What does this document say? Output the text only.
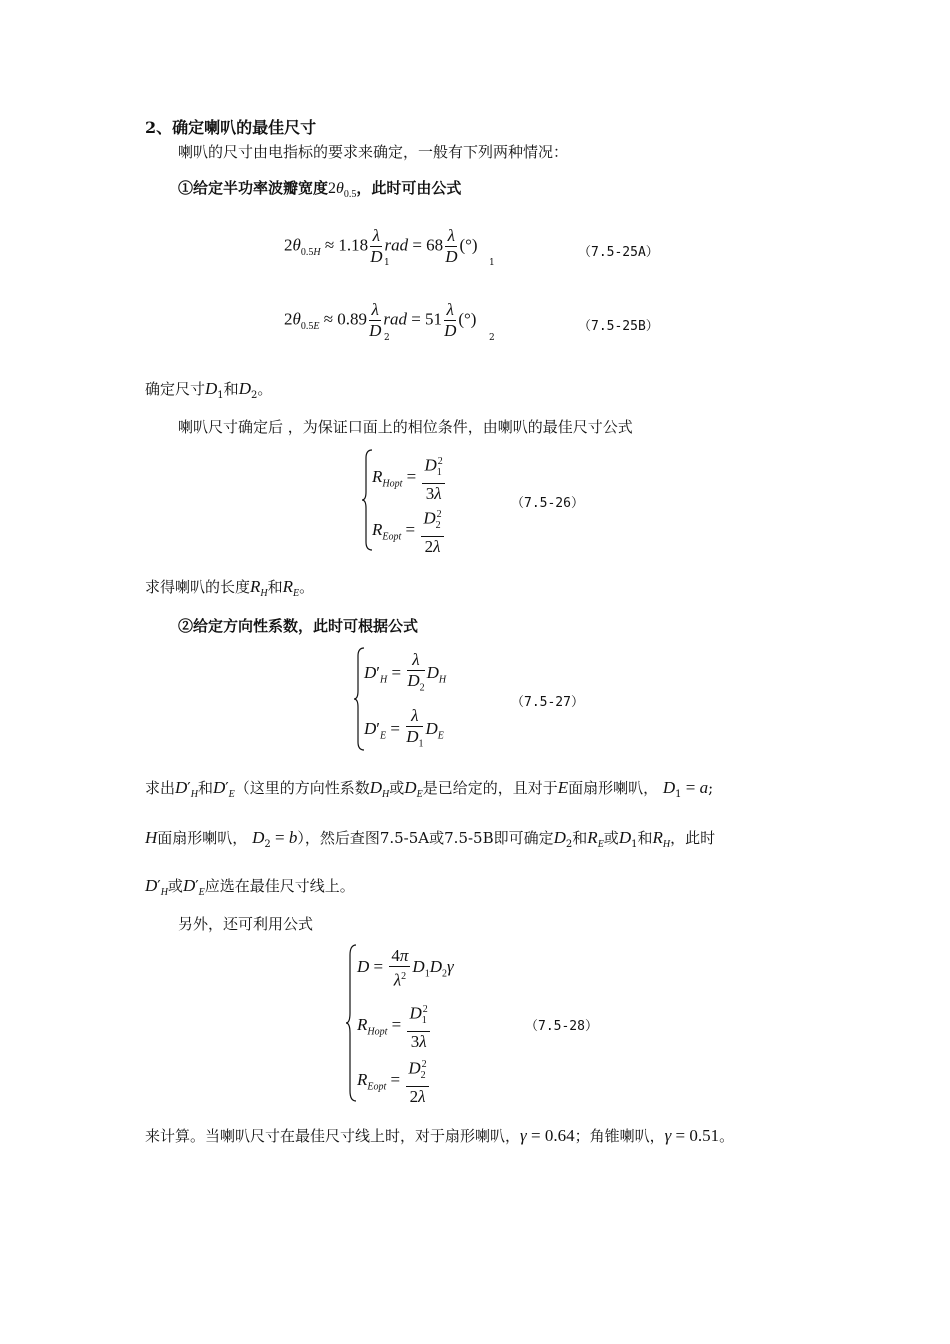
2、确定喇叭的最佳尺寸
喇叭的尺寸由电指标的要求来确定，一般有下列两种情况：
①给定半功率波瓣宽度$2\theta_{0.5}$，此时可由公式
$2\theta_{0.5H} \approx 1.18 \frac{\lambda}{D}$ rad = $68 \frac{\lambda}{D}$ (°)
1	1
（7.5-25A）
$2\theta_{0.5E} \approx 0.89 \frac{\lambda}{D}$ rad = $51 \frac{\lambda}{D}$ (°)
2	2
（7.5-25B）
确定尺寸$D_1$和$D_2$。
喇叭尺寸确定后 ，为保证口面上的相位条件，由喇叭的最佳尺寸公式
$R_{Hopt} = \frac{D_1^2}{3\lambda}$
$R_{Eopt} = \frac{D_2^2}{2\lambda}$
（7.5-26）
求得喇叭的长度$R_H$和$R_E$。
②给定方向性系数，此时可根据公式
$D'_H = \frac{\lambda}{D_2} D_H$
$D'_E = \frac{\lambda}{D_1} D_E$
（7.5-27）
求出$D'_H$和$D'_E$（这里的方向性系数$D_H$或$D_E$是已给定的，且对于E面扇形喇叭， $D_1 = a$;
H面扇形喇叭， $D_2 = b$），然后查图7.5-5A或7.5-5B即可确定$D_2$和$R_E$或$D_1$和$R_H$，此时
$D'_H$或$D'_E$应选在最佳尺寸线上。
另外，还可利用公式
$D = \frac{4\pi}{\lambda^2} D_1D_2\gamma$
$R_{Hopt} = \frac{D_1^2}{3\lambda}$
$R_{Eopt} = \frac{D_2^2}{2\lambda}$
（7.5-28）
来计算。当喇叭尺寸在最佳尺寸线上时，对于扇形喇叭，γ = 0.64；角锥喇叭，γ = 0.51。
